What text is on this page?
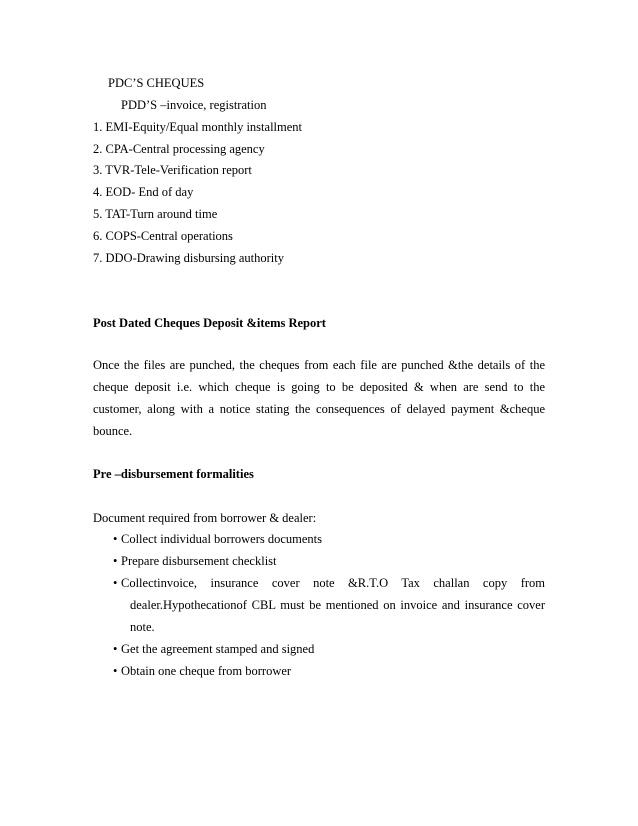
PDC’S CHEQUES
PDD’S –invoice, registration
1. EMI-Equity/Equal monthly installment
2. CPA-Central processing agency
3. TVR-Tele-Verification report
4. EOD- End of day
5. TAT-Turn around time
6. COPS-Central operations
7. DDO-Drawing disbursing authority
Post Dated Cheques Deposit &items Report
Once the files are punched, the cheques from each file are punched &the details of the
cheque deposit i.e. which cheque is going to be deposited & when are send to the
customer, along with a notice stating the consequences of delayed payment &cheque
bounce.
Pre –disbursement formalities
Document required from borrower & dealer:
• Collect individual borrowers documents
• Prepare disbursement checklist
• Collectinvoice, insurance cover note &R.T.O Tax challan copy from
dealer.Hypothecationof CBL must be mentioned on invoice and insurance cover
note.
• Get the agreement stamped and signed
• Obtain one cheque from borrower
